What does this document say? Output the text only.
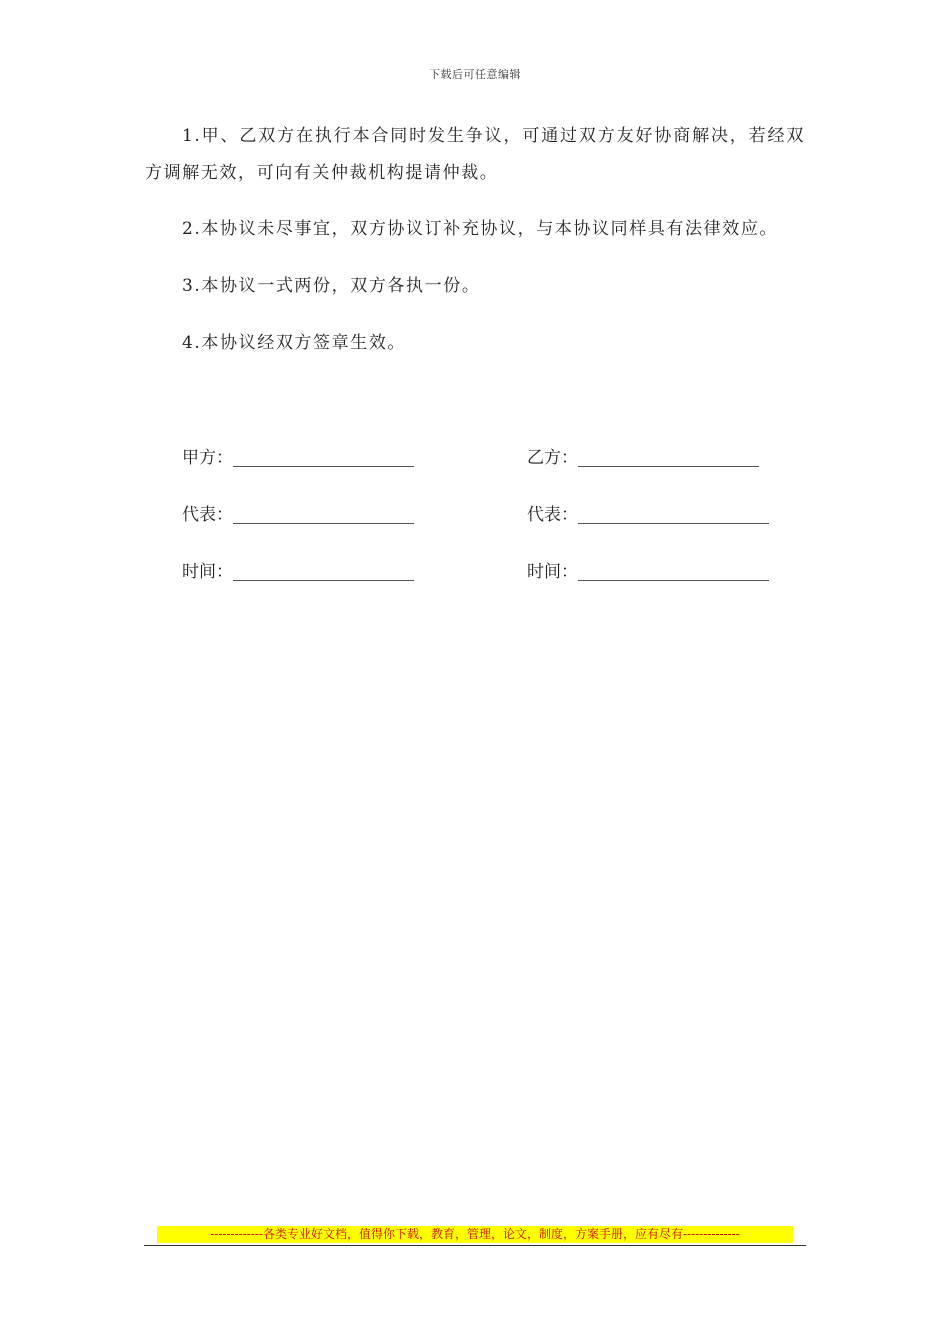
下载后可任意编辑
1.甲、乙双方在执行本合同时发生争议，可通过双方友好协商解决，若经双方调解无效，可向有关仲裁机构提请仲裁。
2.本协议未尽事宜，双方协议订补充协议，与本协议同样具有法律效应。
3.本协议一式两份，双方各执一份。
4.本协议经双方签章生效。
甲方：
代表：
时间：
乙方：
代表：
时间：
-------------各类专业好文档，值得你下载，教育，管理，论文，制度，方案手册，应有尽有--------------
